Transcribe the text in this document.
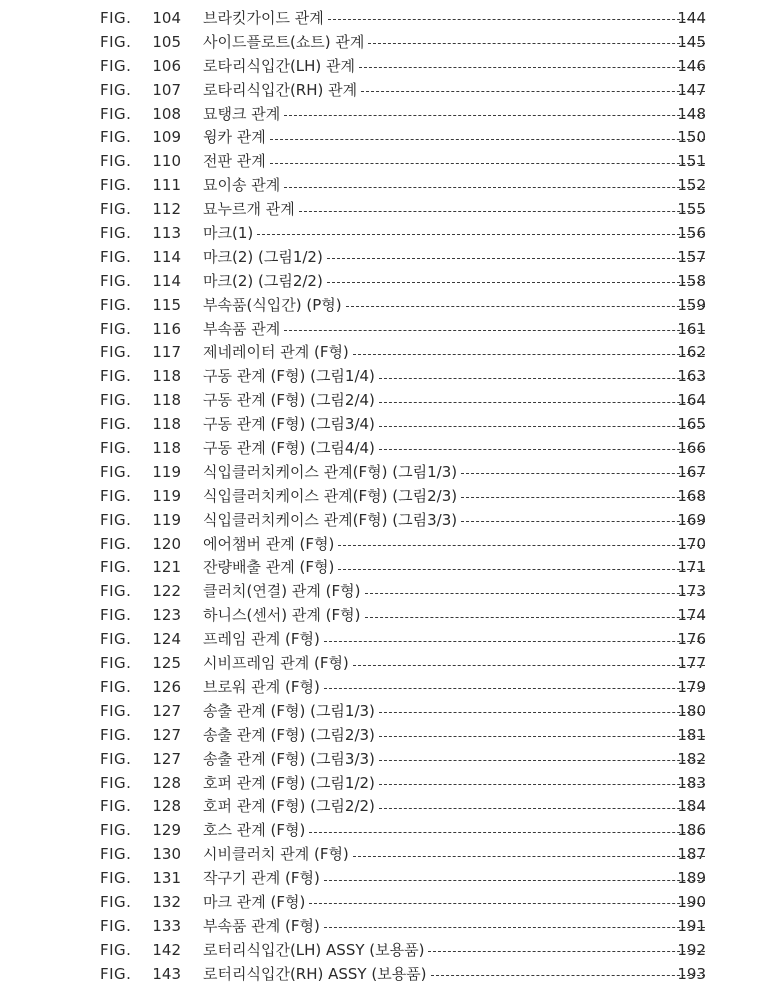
FIG.	104 브라킷가이드 관계	144
FIG.	105 사이드플로트(쇼트) 관계	145
FIG.	106 로타리식입간(LH) 관계	146
FIG.	107 로타리식입간(RH) 관계	147
FIG.	108 묘탱크 관계	148
FIG.	109 윙카 관계	150
FIG.	110 전판 관계	151
FIG.	111 묘이송 관계	152
FIG.	112 묘누르개 관계	155
FIG.	113 마크(1)	156
FIG.	114 마크(2) (그림1/2)	157
FIG.	114 마크(2) (그림2/2)	158
FIG.	115 부속품(식입간) (P형)	159
FIG.	116 부속품 관계	161
FIG.	117 제네레이터 관계 (F형)	162
FIG.	118 구동 관계 (F형) (그림1/4)	163
FIG.	118 구동 관계 (F형) (그림2/4)	164
FIG.	118 구동 관계 (F형) (그림3/4)	165
FIG.	118 구동 관계 (F형) (그림4/4)	166
FIG.	119 식입클러치케이스 관계(F형) (그림1/3)	167
FIG.	119 식입클러치케이스 관계(F형) (그림2/3)	168
FIG.	119 식입클러치케이스 관계(F형) (그림3/3)	169
FIG.	120 에어챔버 관계 (F형)	170
FIG.	121 잔량배출 관계 (F형)	171
FIG.	122 클러치(연결) 관계 (F형)	173
FIG.	123 하니스(센서) 관계 (F형)	174
FIG.	124 프레임 관계 (F형)	176
FIG.	125 시비프레임 관계 (F형)	177
FIG.	126 브로워 관계 (F형)	179
FIG.	127 송출 관계 (F형) (그림1/3)	180
FIG.	127 송출 관계 (F형) (그림2/3)	181
FIG.	127 송출 관계 (F형) (그림3/3)	182
FIG.	128 호퍼 관계 (F형) (그림1/2)	183
FIG.	128 호퍼 관계 (F형) (그림2/2)	184
FIG.	129 호스 관계 (F형)	186
FIG.	130 시비클러치 관계 (F형)	187
FIG.	131 작구기 관계 (F형)	189
FIG.	132 마크 관계 (F형)	190
FIG.	133 부속품 관계 (F형)	191
FIG.	142 로터리식입간(LH) ASSY (보용품)	192
FIG.	143 로터리식입간(RH) ASSY (보용품)	193
